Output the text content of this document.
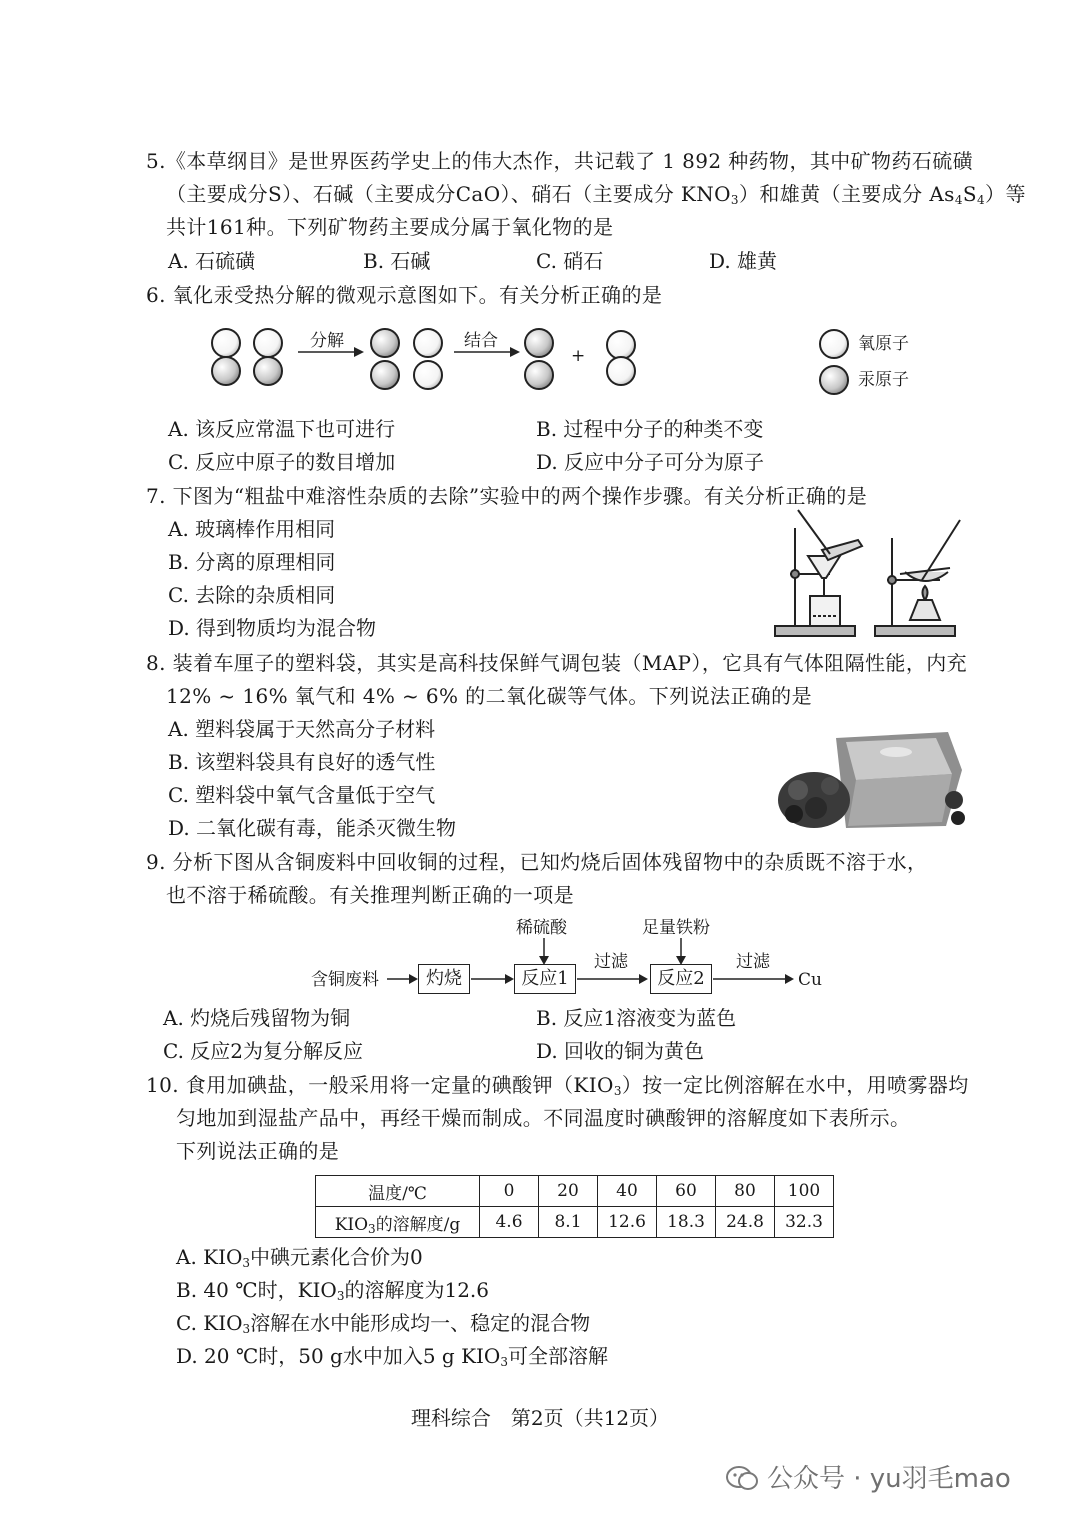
5.《本草纲目》是世界医药学史上的伟大杰作，共记载了 1 892 种药物，其中矿物药石硫磺
（主要成分S）、石碱（主要成分CaO）、硝石（主要成分 $KNO_3$）和雄黄（主要成分 $As_4S_4$）等
共计161种。下列矿物药主要成分属于氧化物的是
A. 石硫磺	B. 石碱	C. 硝石	D. 雄黄
6. 氧化汞受热分解的微观示意图如下。有关分析正确的是
分解	结合
+
氧原子
汞原子
A. 该反应常温下也可进行	B. 过程中分子的种类不变
C. 反应中原子的数目增加	D. 反应中分子可分为原子
7. 下图为“粗盐中难溶性杂质的去除”实验中的两个操作步骤。有关分析正确的是
A. 玻璃棒作用相同
B. 分离的原理相同
C. 去除的杂质相同
D. 得到物质均为混合物
8. 装着车厘子的塑料袋，其实是高科技保鲜气调包装（MAP），它具有气体阻隔性能，内充
12% ~ 16% 氧气和 4% ~ 6% 的二氧化碳等气体。下列说法正确的是
A. 塑料袋属于天然高分子材料
B. 该塑料袋具有良好的透气性
C. 塑料袋中氧气含量低于空气
D. 二氧化碳有毒，能杀灭微生物
9. 分析下图从含铜废料中回收铜的过程，已知灼烧后固体残留物中的杂质既不溶于水，
也不溶于稀硫酸。有关推理判断正确的一项是
含铜废料	灼烧
稀硫酸
反应1
过滤
足量铁粉
反应2
过滤
Cu
A. 灼烧后残留物为铜	B. 反应1溶液变为蓝色
C. 反应2为复分解反应	D. 回收的铜为黄色
10. 食用加碘盐，一般采用将一定量的碘酸钾$(KIO_3)$按一定比例溶解在水中，用喷雾器均
匀地加到湿盐产品中，再经干燥而制成。不同温度时碘酸钾的溶解度如下表所示。
下列说法正确的是
温度/℃	0	20	40	60	80	100
$KIO_3$的溶解度/g	4.6	8.1	12.6	18.3	24.8	32.3
A. $KIO_3$中碘元素化合价为0
B. 40 ℃时，$KIO_3$的溶解度为12.6
C. $KIO_3$溶解在水中能形成均一、稳定的混合物
D. 20 ℃时，50 g水中加入5 g $KIO_3$可全部溶解
理科综合　第2页（共12页）
公众号 · yu羽毛mao
